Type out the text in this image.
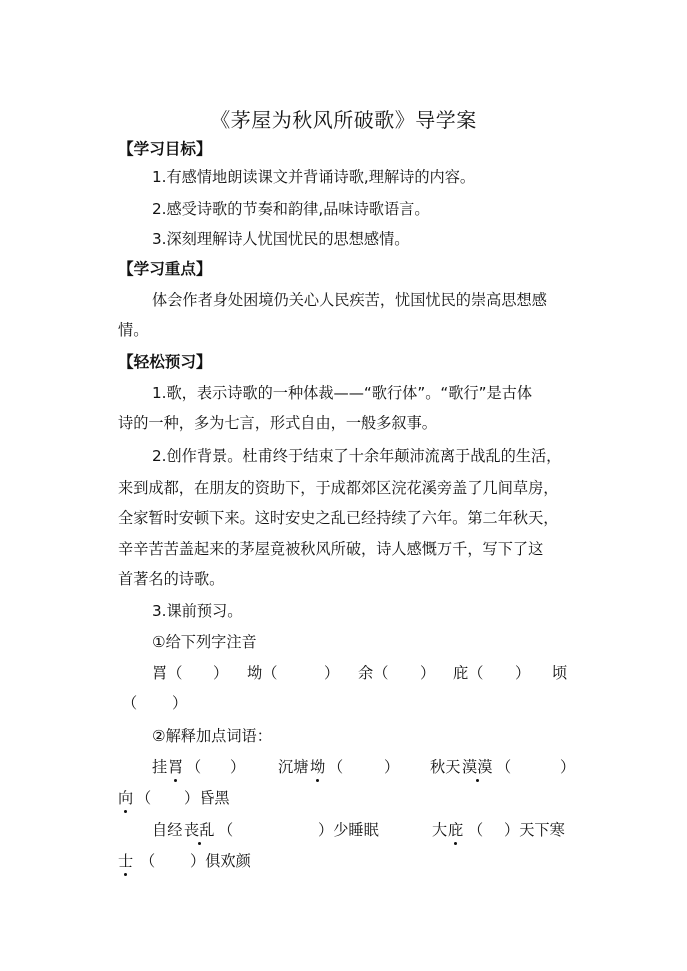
《茅屋为秋风所破歌》导学案
【学习目标】
1.有感情地朗读课文并背诵诗歌,理解诗的内容。
2.感受诗歌的节奏和韵律,品味诗歌语言。
3.深刻理解诗人忧国忧民的思想感情。
【学习重点】
体会作者身处困境仍关心人民疾苦，忧国忧民的崇高思想感
情。
【轻松预习】
1.歌，表示诗歌的一种体裁——“歌行体”。“歌行”是古体
诗的一种，多为七言，形式自由，一般多叙事。
2.创作背景。杜甫终于结束了十余年颠沛流离于战乱的生活，
来到成都，在朋友的资助下，于成都郊区浣花溪旁盖了几间草房，
全家暂时安顿下来。这时安史之乱已经持续了六年。第二年秋天，
辛辛苦苦盖起来的茅屋竟被秋风所破，诗人感慨万千，写下了这
首著名的诗歌。
3.课前预习。
①给下列字注音
罥（ ） 坳（	） 余（ ） 庇（ ） 顷
（ ）
②解释加点词语：
挂 罥 （ ） 沉塘 坳 （	） 秋天 漠漠 （	）
向 （ ）昏黑
自经 丧乱 （	）少睡眠	大 庇 （ ）天下寒
士 （ ）俱欢颜
